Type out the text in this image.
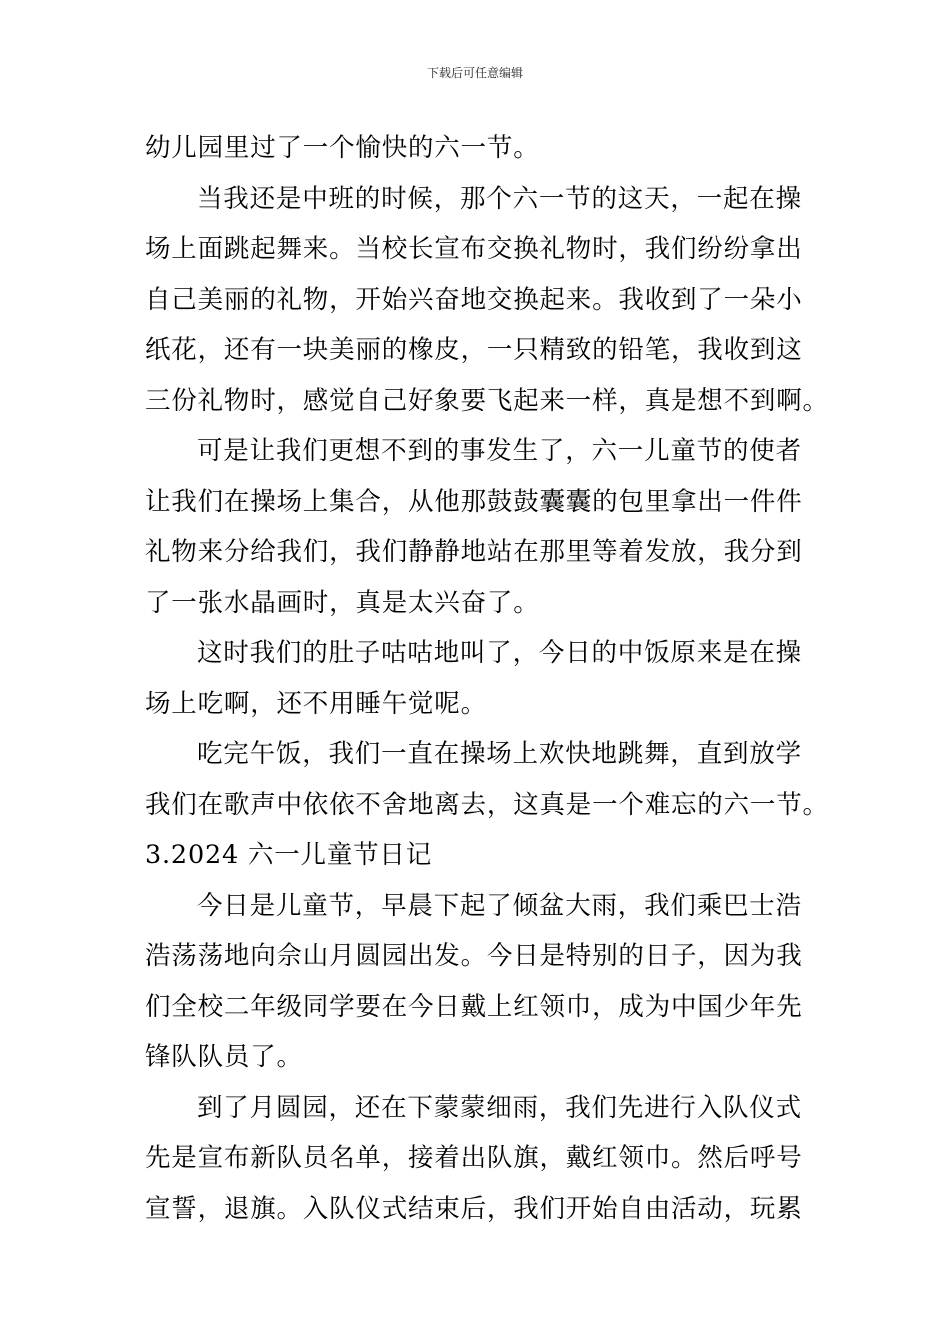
下载后可任意编辑
幼儿园里过了一个愉快的六一节。
当我还是中班的时候，那个六一节的这天，一起在操
场上面跳起舞来。当校长宣布交换礼物时，我们纷纷拿出
自己美丽的礼物，开始兴奋地交换起来。我收到了一朵小
纸花，还有一块美丽的橡皮，一只精致的铅笔，我收到这
三份礼物时，感觉自己好象要飞起来一样，真是想不到啊。
可是让我们更想不到的事发生了，六一儿童节的使者
让我们在操场上集合，从他那鼓鼓囊囊的包里拿出一件件
礼物来分给我们，我们静静地站在那里等着发放，我分到
了一张水晶画时，真是太兴奋了。
这时我们的肚子咕咕地叫了，今日的中饭原来是在操
场上吃啊，还不用睡午觉呢。
吃完午饭，我们一直在操场上欢快地跳舞，直到放学
我们在歌声中依依不舍地离去，这真是一个难忘的六一节。
3.2024 六一儿童节日记
今日是儿童节，早晨下起了倾盆大雨，我们乘巴士浩
浩荡荡地向佘山月圆园出发。今日是特别的日子，因为我
们全校二年级同学要在今日戴上红领巾，成为中国少年先
锋队队员了。
到了月圆园，还在下蒙蒙细雨，我们先进行入队仪式
先是宣布新队员名单，接着出队旗，戴红领巾。然后呼号
宣誓，退旗。入队仪式结束后，我们开始自由活动，玩累
